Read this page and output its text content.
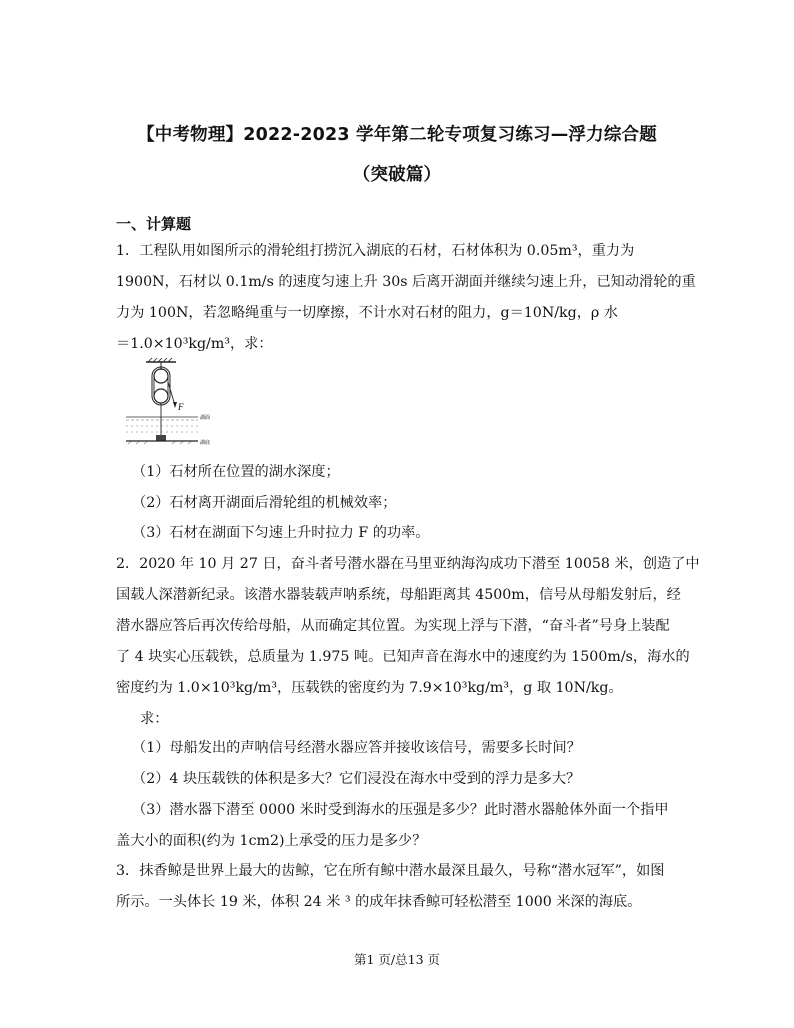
【中考物理】2022-2023 学年第二轮专项复习练习—浮力综合题
（突破篇）
一、计算题
1．工程队用如图所示的滑轮组打捞沉入湖底的石材，石材体积为 0.05m³，重力为
1900N，石材以 0.1m/s 的速度匀速上升 30s 后离开湖面并继续匀速上升，已知动滑轮的重
力为 100N，若忽略绳重与一切摩擦，不计水对石材的阻力，g＝10N/kg，ρ 水
＝1.0×10³kg/m³，求：
F
湖面
湖底
（1）石材所在位置的湖水深度；
（2）石材离开湖面后滑轮组的机械效率；
（3）石材在湖面下匀速上升时拉力 F 的功率。
2．2020 年 10 月 27 日，奋斗者号潜水器在马里亚纳海沟成功下潜至 10058 米，创造了中
国载人深潜新纪录。该潜水器装载声呐系统，母船距离其 4500m，信号从母船发射后，经
潜水器应答后再次传给母船，从而确定其位置。为实现上浮与下潜，“奋斗者”号身上装配
了 4 块实心压载铁，总质量为 1.975 吨。已知声音在海水中的速度约为 1500m/s，海水的
密度约为 1.0×10³kg/m³，压载铁的密度约为 7.9×10³kg/m³，g 取 10N/kg。
求：
（1）母船发出的声呐信号经潜水器应答并接收该信号，需要多长时间？
（2）4 块压载铁的体积是多大？它们浸没在海水中受到的浮力是多大？
（3）潜水器下潜至 0000 米时受到海水的压强是多少？此时潜水器舱体外面一个指甲
盖大小的面积(约为 1cm2)上承受的压力是多少？
3．抹香鲸是世界上最大的齿鲸，它在所有鲸中潜水最深且最久，号称“潜水冠军”，如图
所示。一头体长 19 米，体积 24 米 ³ 的成年抹香鲸可轻松潜至 1000 米深的海底。
第1 页/总13 页
